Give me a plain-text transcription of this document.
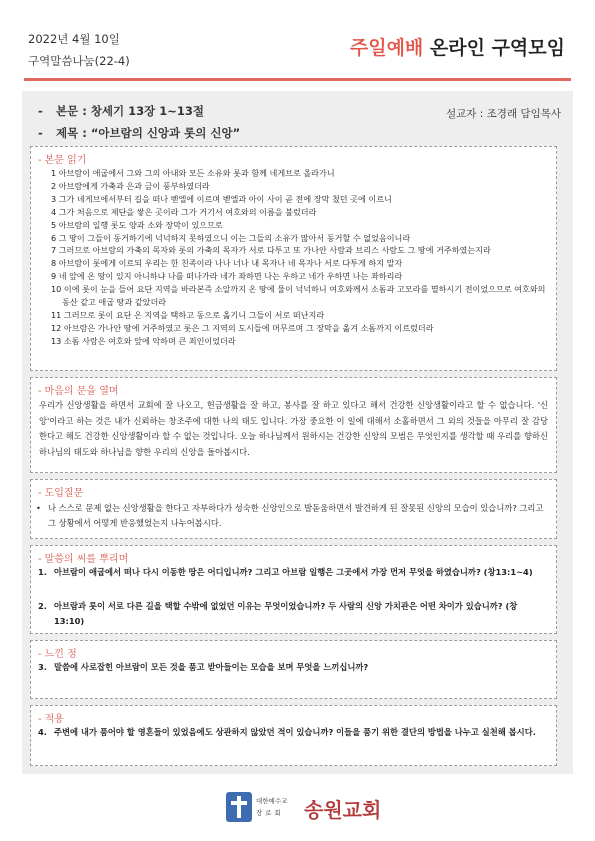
2022년 4월 10일
구역말씀나눔(22-4)
주일예배 온라인 구역모임
- 본문 : 창세기 13장 1~13절
- 제목 : “아브람의 신앙과 롯의 신앙”
설교자 : 조경래 담임목사
- 본문 읽기
1 아브람이 애굽에서 그와 그의 아내와 모든 소유와 롯과 함께 네게브로 올라가니
2 아브람에게 가축과 은과 금이 풍부하였더라
3 그가 네게브에서부터 길을 떠나 벧엘에 이르며 벧엘과 아이 사이 곧 전에 장막 쳤던 곳에 이르니
4 그가 처음으로 제단을 쌓은 곳이라 그가 거기서 여호와의 이름을 불렀더라
5 아브람의 일행 롯도 양과 소와 장막이 있으므로
6 그 땅이 그들이 동거하기에 넉넉하지 못하였으니 이는 그들의 소유가 많아서 동거할 수 없었음이니라
7 그러므로 아브람의 가축의 목자와 롯의 가축의 목자가 서로 다투고 또 가나안 사람과 브리스 사람도 그 땅에 거주하였는지라
8 아브람이 롯에게 이르되 우리는 한 친족이라 나나 너나 내 목자나 네 목자나 서로 다투게 하지 말자
9 네 앞에 온 땅이 있지 아니하냐 나를 떠나가라 네가 좌하면 나는 우하고 네가 우하면 나는 좌하리라
10 이에 롯이 눈을 들어 요단 지역을 바라본즉 소알까지 온 땅에 물이 넉넉하니 여호와께서 소돔과 고모라를 멸하시기 전이었으므로 여호와의 동산 같고 애굽 땅과 같았더라
11 그러므로 롯이 요단 온 지역을 택하고 동으로 옮기니 그들이 서로 떠난지라
12 아브람은 가나안 땅에 거주하였고 롯은 그 지역의 도시들에 머무르며 그 장막을 옮겨 소돔까지 이르렀더라
13 소돔 사람은 여호와 앞에 악하며 큰 죄인이었더라
- 마음의 문을 열며
우리가 신앙생활을 하면서 교회에 잘 나오고, 헌금생활을 잘 하고, 봉사를 잘 하고 있다고 해서 건강한 신앙생활이라고 할 수 없습니다. '신앙'이라고 하는 것은 내가 신뢰하는 창조주에 대한 나의 태도 입니다. 가장 중요한 이 일에 대해서 소홀하면서 그 외의 것들을 아무리 잘 감당한다고 해도 건강한 신앙생활이라 할 수 없는 것입니다. 오늘 하나님께서 원하시는 건강한 신앙의 모범은 무엇인지를 생각할 때 우리를 향하신 하나님의 태도와 하나님을 향한 우리의 신앙을 돌아봅시다.
- 도입질문
• 나 스스로 문제 없는 신앙생활을 한다고 자부하다가 성숙한 신앙인으로 발돋움하면서 발견하게 된 잘못된 신앙의 모습이 있습니까? 그리고 그 상황에서 어떻게 반응했었는지 나누어봅시다.
- 말씀의 씨를 뿌리며
1. 아브람이 애굽에서 떠나 다시 이동한 땅은 어디입니까? 그리고 아브람 일행은 그곳에서 가장 먼저 무엇을 하였습니까? (창13:1~4)
2. 아브람과 롯이 서로 다른 길을 택할 수밖에 없었던 이유는 무엇이었습니까? 두 사람의 신앙 가치관은 어떤 차이가 있습니까? (창13:10)
- 느낀 점
3. 말씀에 사로잡힌 아브람이 모든 것을 품고 받아들이는 모습을 보며 무엇을 느끼십니까?
- 적용
4. 주변에 내가 품어야 할 영혼들이 있었음에도 상관하지 않았던 적이 있습니까? 이들을 품기 위한 결단의 방법을 나누고 실천해 봅시다.
대한예수교
장로회 송원교회
